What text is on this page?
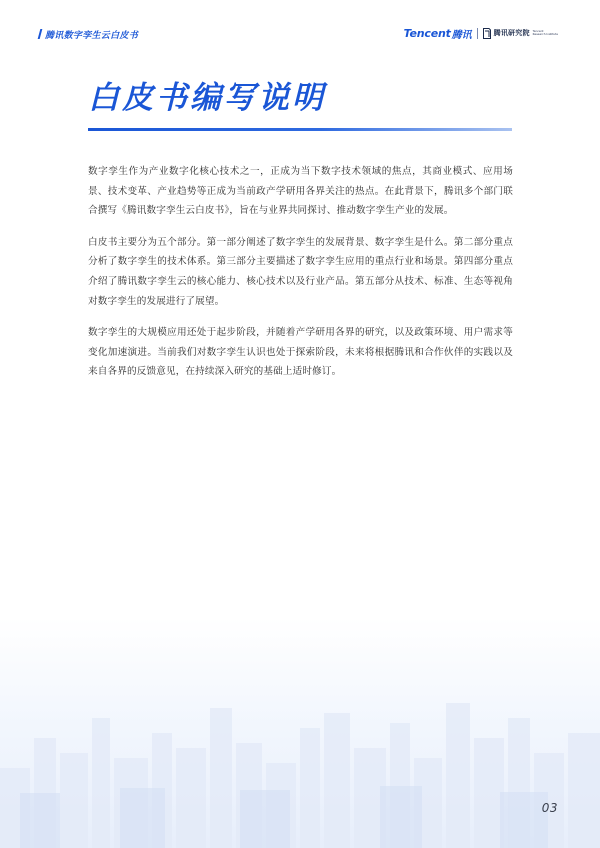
腾讯数字孪生云白皮书	Tencent 腾讯	腾讯研究院 Tencent
Research Institute
白皮书编写说明

数字孪生作为产业数字化核心技术之一，正成为当下数字技术领域的焦点，其商业模式、应用场景、技术变革、产业趋势等正成为当前政产学研用各界关注的热点。在此背景下，腾讯多个部门联合撰写《腾讯数字孪生云白皮书》，旨在与业界共同探讨、推动数字孪生产业的发展。

白皮书主要分为五个部分。第一部分阐述了数字孪生的发展背景、数字孪生是什么。第二部分重点分析了数字孪生的技术体系。第三部分主要描述了数字孪生应用的重点行业和场景。第四部分重点介绍了腾讯数字孪生云的核心能力、核心技术以及行业产品。第五部分从技术、标准、生态等视角对数字孪生的发展进行了展望。

数字孪生的大规模应用还处于起步阶段，并随着产学研用各界的研究，以及政策环境、用户需求等变化加速演进。当前我们对数字孪生认识也处于探索阶段，未来将根据腾讯和合作伙伴的实践以及来自各界的反馈意见，在持续深入研究的基础上适时修订。

03
